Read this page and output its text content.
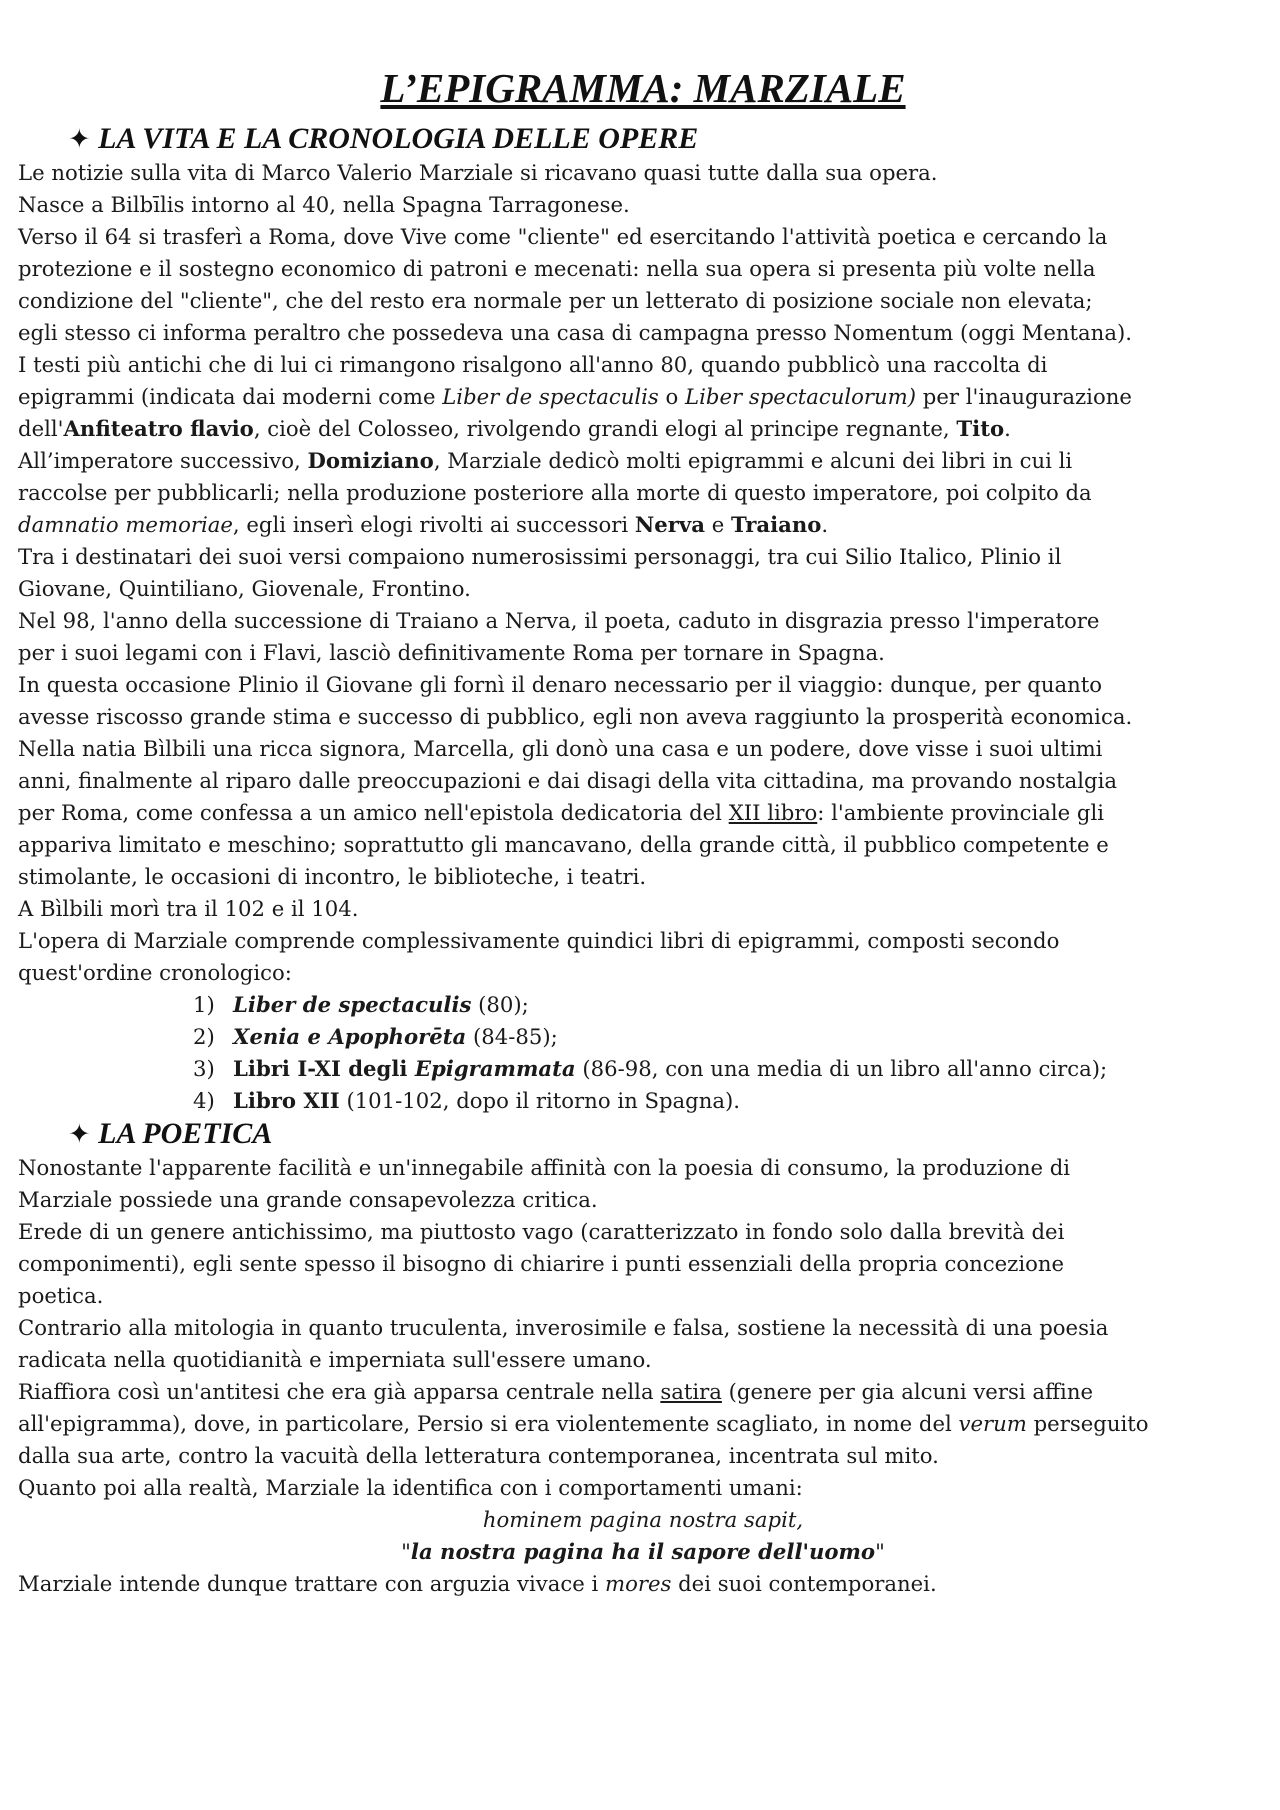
L’EPIGRAMMA: MARZIALE
✦ LA VITA E LA CRONOLOGIA DELLE OPERE
Le notizie sulla vita di Marco Valerio Marziale si ricavano quasi tutte dalla sua opera.
Nasce a Bilbīlis intorno al 40, nella Spagna Tarragonese.
Verso il 64 si trasferì a Roma, dove Vive come "cliente" ed esercitando l'attività poetica e cercando la
protezione e il sostegno economico di patroni e mecenati: nella sua opera si presenta più volte nella
condizione del "cliente", che del resto era normale per un letterato di posizione sociale non elevata;
egli stesso ci informa peraltro che possedeva una casa di campagna presso Nomentum (oggi Mentana).
I testi più antichi che di lui ci rimangono risalgono all'anno 80, quando pubblicò una raccolta di
epigrammi (indicata dai moderni come Liber de spectaculis o Liber spectaculorum) per l'inaugurazione
dell'Anfiteatro flavio, cioè del Colosseo, rivolgendo grandi elogi al principe regnante, Tito.
All’imperatore successivo, Domiziano, Marziale dedicò molti epigrammi e alcuni dei libri in cui li
raccolse per pubblicarli; nella produzione posteriore alla morte di questo imperatore, poi colpito da
damnatio memoriae, egli inserì elogi rivolti ai successori Nerva e Traiano.
Tra i destinatari dei suoi versi compaiono numerosissimi personaggi, tra cui Silio Italico, Plinio il
Giovane, Quintiliano, Giovenale, Frontino.
Nel 98, l'anno della successione di Traiano a Nerva, il poeta, caduto in disgrazia presso l'imperatore
per i suoi legami con i Flavi, lasciò definitivamente Roma per tornare in Spagna.
In questa occasione Plinio il Giovane gli fornì il denaro necessario per il viaggio: dunque, per quanto
avesse riscosso grande stima e successo di pubblico, egli non aveva raggiunto la prosperità economica.
Nella natia Bìlbili una ricca signora, Marcella, gli donò una casa e un podere, dove visse i suoi ultimi
anni, finalmente al riparo dalle preoccupazioni e dai disagi della vita cittadina, ma provando nostalgia
per Roma, come confessa a un amico nell'epistola dedicatoria del XII libro: l'ambiente provinciale gli
appariva limitato e meschino; soprattutto gli mancavano, della grande città, il pubblico competente e
stimolante, le occasioni di incontro, le biblioteche, i teatri.
A Bìlbili morì tra il 102 e il 104.
L'opera di Marziale comprende complessivamente quindici libri di epigrammi, composti secondo
quest'ordine cronologico:
1) Liber de spectaculis (80);
2) Xenia e Apophorēta (84-85);
3) Libri I-XI degli Epigrammata (86-98, con una media di un libro all'anno circa);
4) Libro XII (101-102, dopo il ritorno in Spagna).
✦ LA POETICA
Nonostante l'apparente facilità e un'innegabile affinità con la poesia di consumo, la produzione di
Marziale possiede una grande consapevolezza critica.
Erede di un genere antichissimo, ma piuttosto vago (caratterizzato in fondo solo dalla brevità dei
componimenti), egli sente spesso il bisogno di chiarire i punti essenziali della propria concezione
poetica.
Contrario alla mitologia in quanto truculenta, inverosimile e falsa, sostiene la necessità di una poesia
radicata nella quotidianità e imperniata sull'essere umano.
Riaffiora così un'antitesi che era già apparsa centrale nella satira (genere per gia alcuni versi affine
all'epigramma), dove, in particolare, Persio si era violentemente scagliato, in nome del verum perseguito
dalla sua arte, contro la vacuità della letteratura contemporanea, incentrata sul mito.
Quanto poi alla realtà, Marziale la identifica con i comportamenti umani:
hominem pagina nostra sapit,
"la nostra pagina ha il sapore dell'uomo"
Marziale intende dunque trattare con arguzia vivace i mores dei suoi contemporanei.
